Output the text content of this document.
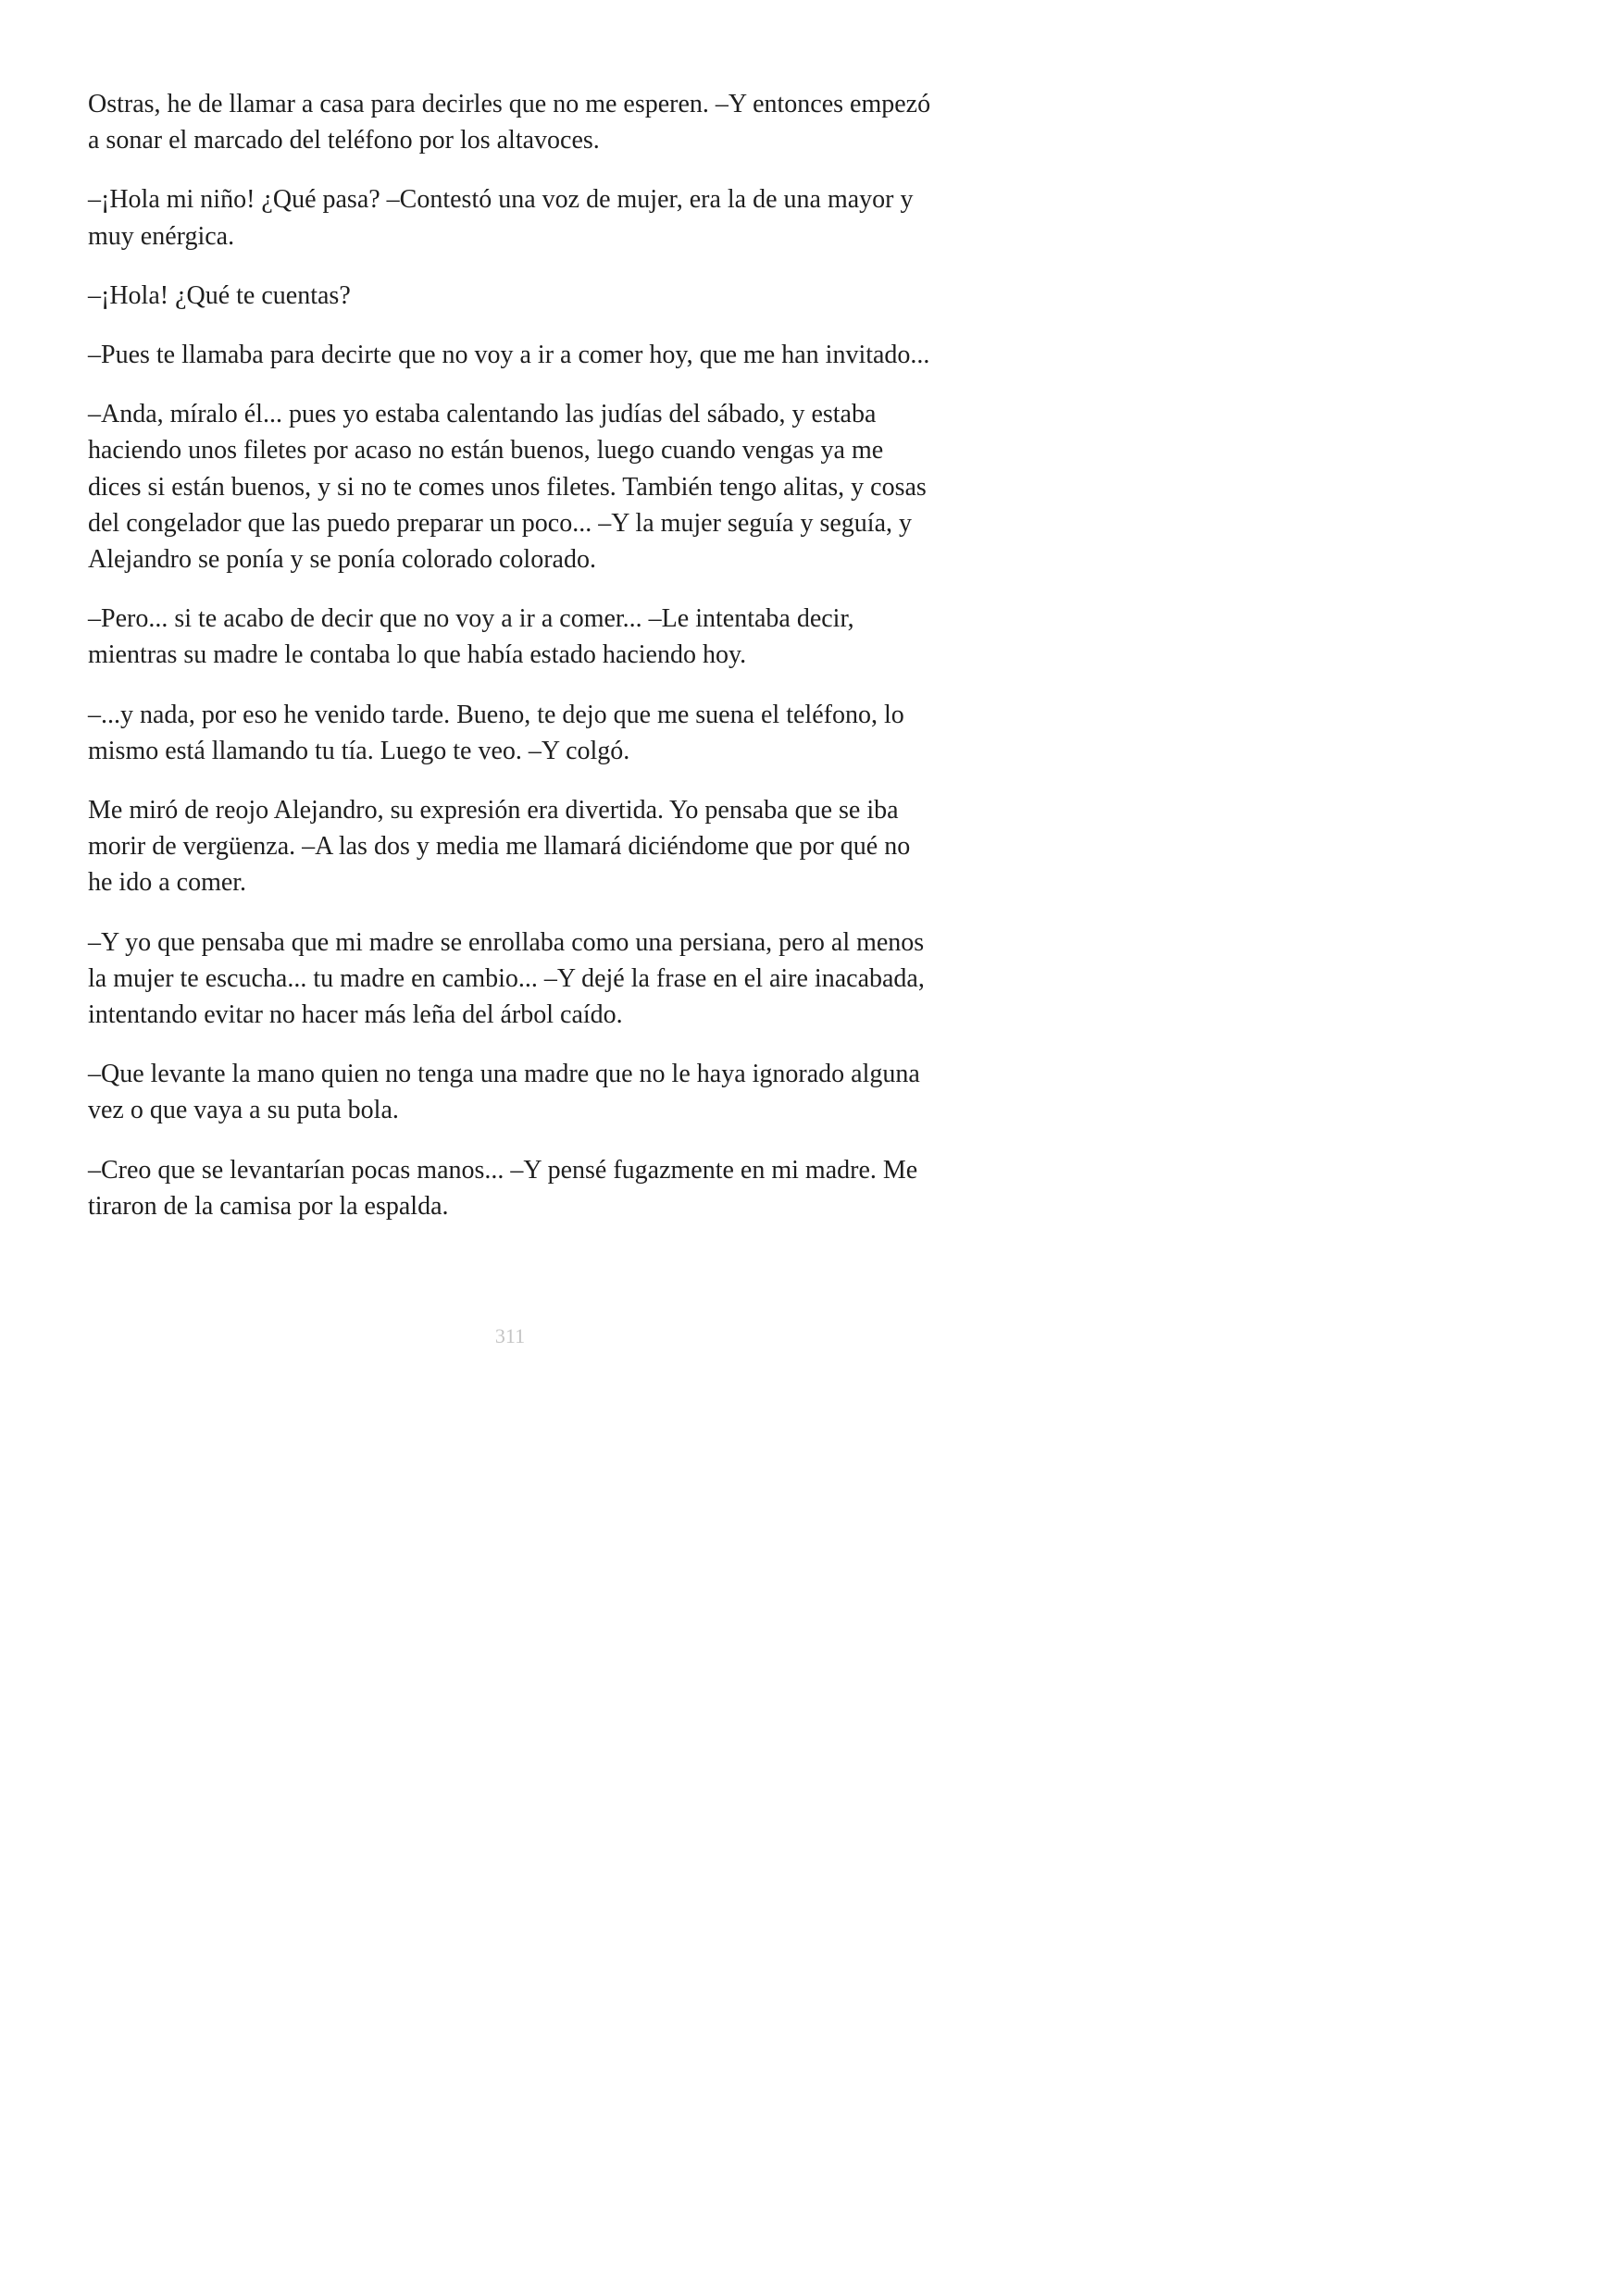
Ostras, he de llamar a casa para decirles que no me esperen. –Y entonces empezó a sonar el marcado del teléfono por los altavoces.

–¡Hola mi niño! ¿Qué pasa? –Contestó una voz de mujer, era la de una mayor y muy enérgica.

–¡Hola! ¿Qué te cuentas?

–Pues te llamaba para decirte que no voy a ir a comer hoy, que me han invitado...

–Anda, míralo él... pues yo estaba calentando las judías del sábado, y estaba haciendo unos filetes por acaso no están buenos, luego cuando vengas ya me dices si están buenos, y si no te comes unos filetes. También tengo alitas, y cosas del congelador que las puedo preparar un poco... –Y la mujer seguía y seguía, y Alejandro se ponía y se ponía colorado colorado.

–Pero... si te acabo de decir que no voy a ir a comer... –Le intentaba decir, mientras su madre le contaba lo que había estado haciendo hoy.

–...y nada, por eso he venido tarde. Bueno, te dejo que me suena el teléfono, lo mismo está llamando tu tía. Luego te veo. –Y colgó.

Me miró de reojo Alejandro, su expresión era divertida. Yo pensaba que se iba morir de vergüenza. –A las dos y media me llamará diciéndome que por qué no he ido a comer.

–Y yo que pensaba que mi madre se enrollaba como una persiana, pero al menos la mujer te escucha... tu madre en cambio... –Y dejé la frase en el aire inacabada, intentando evitar no hacer más leña del árbol caído.

–Que levante la mano quien no tenga una madre que no le haya ignorado alguna vez o que vaya a su puta bola.

–Creo que se levantarían pocas manos... –Y pensé fugazmente en mi madre. Me tiraron de la camisa por la espalda.

311
